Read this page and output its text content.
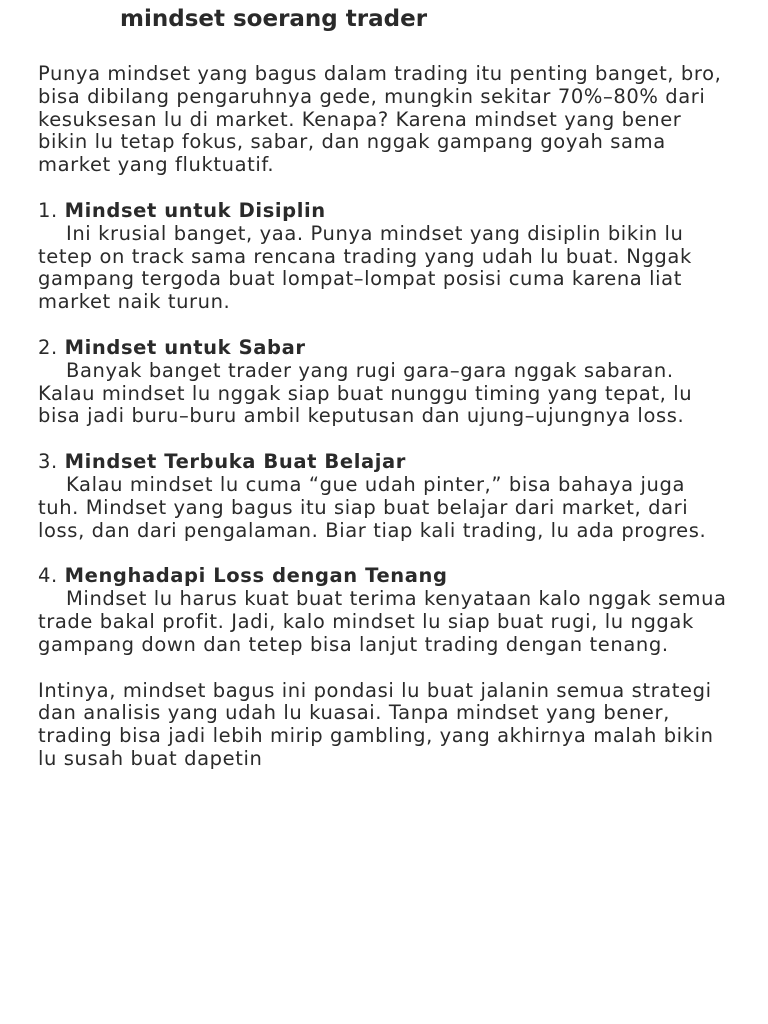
mindset soerang trader

Punya mindset yang bagus dalam trading itu penting banget, bro, bisa dibilang pengaruhnya gede, mungkin sekitar 70%–80% dari kesuksesan lu di market. Kenapa? Karena mindset yang bener bikin lu tetap fokus, sabar, dan nggak gampang goyah sama market yang fluktuatif.

1. Mindset untuk Disiplin

Ini krusial banget, yaa. Punya mindset yang disiplin bikin lu tetep on track sama rencana trading yang udah lu buat. Nggak gampang tergoda buat lompat–lompat posisi cuma karena liat market naik turun.

2. Mindset untuk Sabar

Banyak banget trader yang rugi gara–gara nggak sabaran. Kalau mindset lu nggak siap buat nunggu timing yang tepat, lu bisa jadi buru–buru ambil keputusan dan ujung–ujungnya loss.

3. Mindset Terbuka Buat Belajar

Kalau mindset lu cuma “gue udah pinter,” bisa bahaya juga tuh. Mindset yang bagus itu siap buat belajar dari market, dari loss, dan dari pengalaman. Biar tiap kali trading, lu ada progres.

4. Menghadapi Loss dengan Tenang

Mindset lu harus kuat buat terima kenyataan kalo nggak semua trade bakal profit. Jadi, kalo mindset lu siap buat rugi, lu nggak gampang down dan tetep bisa lanjut trading dengan tenang.

Intinya, mindset bagus ini pondasi lu buat jalanin semua strategi dan analisis yang udah lu kuasai. Tanpa mindset yang bener, trading bisa jadi lebih mirip gambling, yang akhirnya malah bikin lu susah buat dapetin
